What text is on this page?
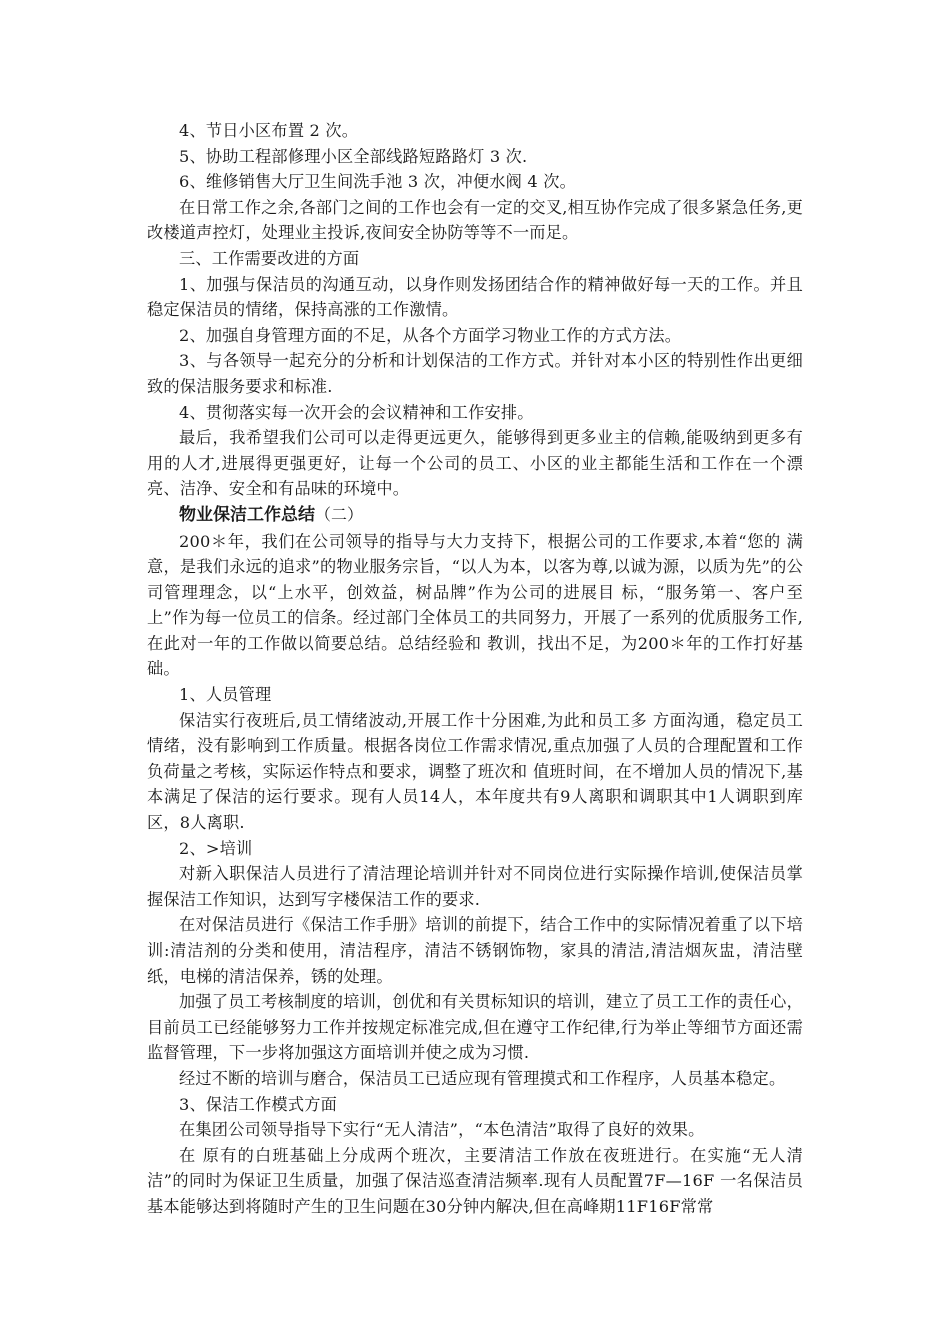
4、节日小区布置 2 次。

5、协助工程部修理小区全部线路短路路灯 3 次.

6、维修销售大厅卫生间洗手池 3 次，冲便水阀 4 次。

在日常工作之余,各部门之间的工作也会有一定的交叉,相互协作完成了很多紧急任务,更改楼道声控灯，处理业主投诉,夜间安全协防等等不一而足。

三、工作需要改进的方面

1、加强与保洁员的沟通互动，以身作则发扬团结合作的精神做好每一天的工作。并且稳定保洁员的情绪，保持高涨的工作激情。

2、加强自身管理方面的不足，从各个方面学习物业工作的方式方法。

3、与各领导一起充分的分析和计划保洁的工作方式。并针对本小区的特别性作出更细致的保洁服务要求和标准.

4、贯彻落实每一次开会的会议精神和工作安排。

最后，我希望我们公司可以走得更远更久，能够得到更多业主的信赖,能吸纳到更多有用的人才,进展得更强更好，让每一个公司的员工、小区的业主都能生活和工作在一个漂亮、洁净、安全和有品味的环境中。

物业保洁工作总结（二）

200＊年，我们在公司领导的指导与大力支持下，根据公司的工作要求,本着“您的 满意，是我们永远的追求”的物业服务宗旨，“以人为本，以客为尊,以诚为源，以质为先”的公司管理理念，以“上水平，创效益，树品牌”作为公司的进展目 标，“服务第一、客户至上”作为每一位员工的信条。经过部门全体员工的共同努力，开展了一系列的优质服务工作,在此对一年的工作做以简要总结。总结经验和 教训，找出不足，为200＊年的工作打好基础。

1、人员管理

保洁实行夜班后,员工情绪波动,开展工作十分困难,为此和员工多 方面沟通，稳定员工情绪，没有影响到工作质量。根据各岗位工作需求情况,重点加强了人员的合理配置和工作负荷量之考核，实际运作特点和要求，调整了班次和 值班时间，在不增加人员的情况下,基本满足了保洁的运行要求。现有人员14人，本年度共有9人离职和调职其中1人调职到库区，8人离职.

2、>培训

对新入职保洁人员进行了清洁理论培训并针对不同岗位进行实际操作培训,使保洁员掌握保洁工作知识，达到写字楼保洁工作的要求.

在对保洁员进行《保洁工作手册》培训的前提下，结合工作中的实际情况着重了以下培训:清洁剂的分类和使用，清洁程序，清洁不锈钢饰物，家具的清洁,清洁烟灰盅，清洁壁纸，电梯的清洁保养，锈的处理。

加强了员工考核制度的培训，创优和有关贯标知识的培训，建立了员工工作的责任心，目前员工已经能够努力工作并按规定标准完成,但在遵守工作纪律,行为举止等细节方面还需监督管理，下一步将加强这方面培训并使之成为习惯.

经过不断的培训与磨合，保洁员工已适应现有管理摸式和工作程序，人员基本稳定。

3、保洁工作模式方面

在集团公司领导指导下实行“无人清洁”，“本色清洁”取得了良好的效果。

在 原有的白班基础上分成两个班次，主要清洁工作放在夜班进行。在实施“无人清洁”的同时为保证卫生质量，加强了保洁巡查清洁频率.现有人员配置7F—16F 一名保洁员基本能够达到将随时产生的卫生问题在30分钟内解决,但在高峰期11F16F常常
